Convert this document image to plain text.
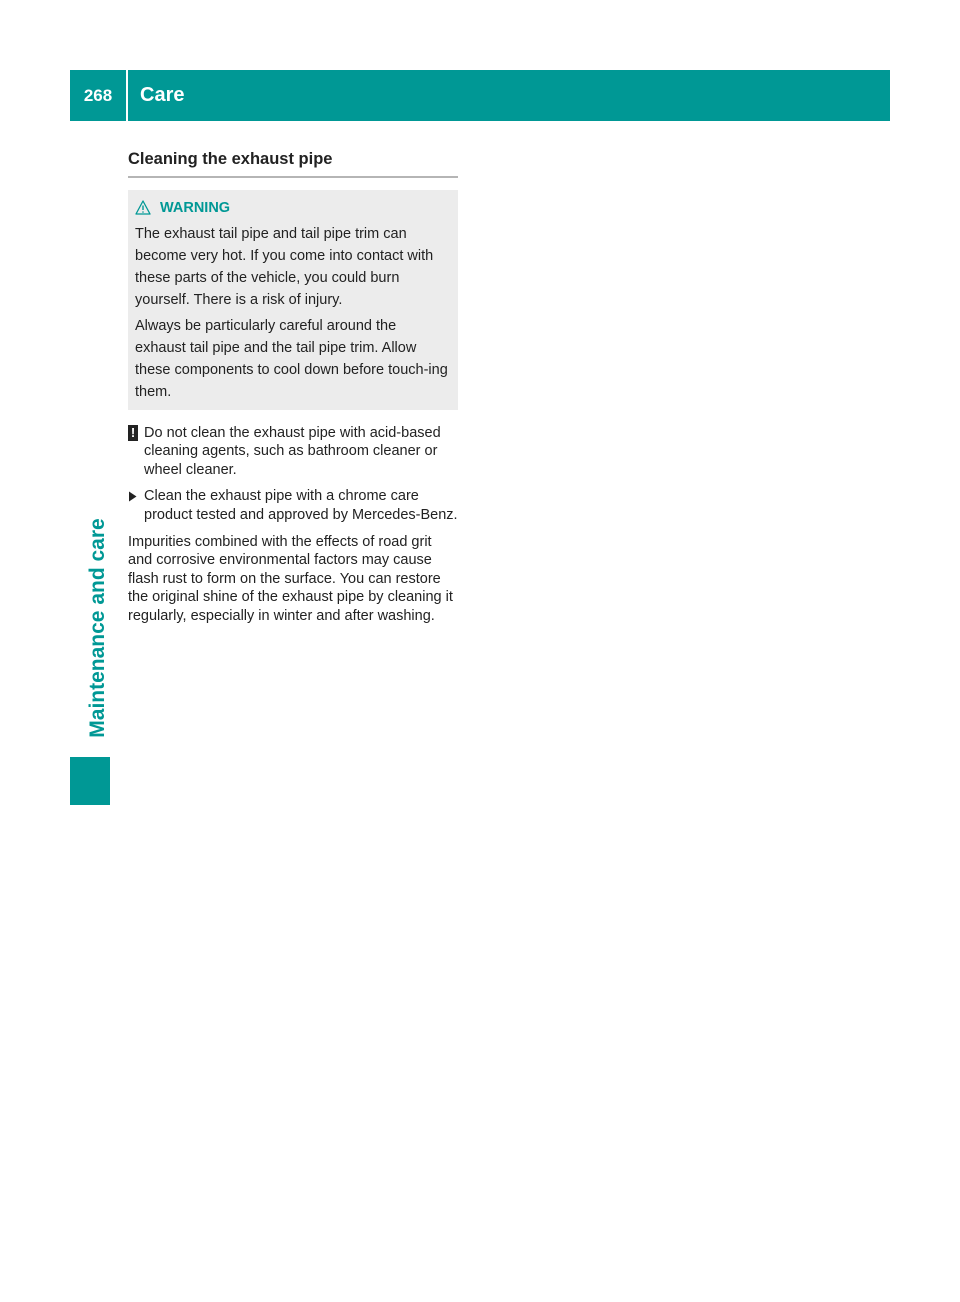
268	Care
Maintenance and care
Cleaning the exhaust pipe
WARNING

The exhaust tail pipe and tail pipe trim can become very hot. If you come into contact with these parts of the vehicle, you could burn yourself. There is a risk of injury.

Always be particularly careful around the exhaust tail pipe and the tail pipe trim. Allow these components to cool down before touch-ing them.

! Do not clean the exhaust pipe with acid-based cleaning agents, such as bathroom cleaner or wheel cleaner.
Clean the exhaust pipe with a chrome care product tested and approved by Mercedes-Benz.
Impurities combined with the effects of road grit and corrosive environmental factors may cause flash rust to form on the surface. You can restore the original shine of the exhaust pipe by cleaning it regularly, especially in winter and after washing.
